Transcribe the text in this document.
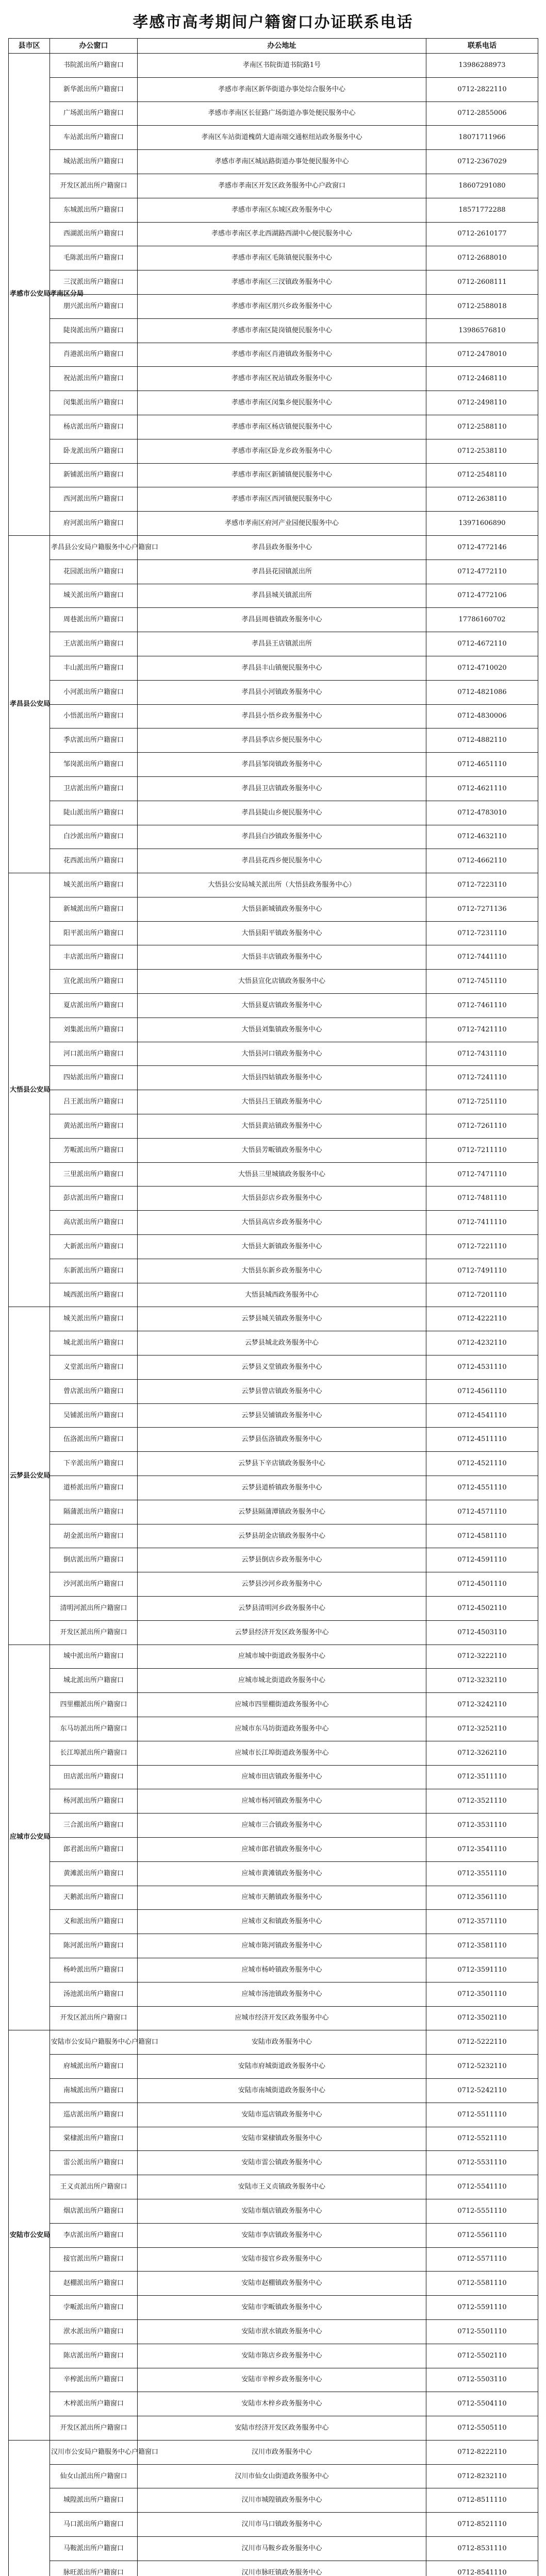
孝感市高考期间户籍窗口办证联系电话
县市区	办公窗口	办公地址	联系电话
孝感市公安局孝南区分局	书院派出所户籍窗口	孝南区书院街道书院路1号	13986288973
	新华派出所户籍窗口	孝感市孝南区新华街道办事处综合服务中心	0712-2822110
	广场派出所户籍窗口	孝感市孝南区长征路广场街道办事处便民服务中心	0712-2855006
	车站派出所户籍窗口	孝南区车站街道槐荫大道南端交通枢纽站政务服务中心	18071711966
	城站派出所户籍窗口	孝感市孝南区城站路街道办事处便民服务中心	0712-2367029
	开发区派出所户籍窗口	孝感市孝南区开发区政务服务中心户政窗口	18607291080
	东城派出所户籍窗口	孝感市孝南区东城区政务服务中心	18571772288
	西湖派出所户籍窗口	孝感市孝南区孝北西湖路西湖中心便民服务中心	0712-2610177
	毛陈派出所户籍窗口	孝感市孝南区毛陈镇便民服务中心	0712-2688010
	三汊派出所户籍窗口	孝感市孝南区三汊镇政务服务中心	0712-2608111
	朋兴派出所户籍窗口	孝感市孝南区朋兴乡政务服务中心	0712-2588018
	陡岗派出所户籍窗口	孝感市孝南区陡岗镇便民服务中心	13986576810
	肖港派出所户籍窗口	孝感市孝南区肖港镇政务服务中心	0712-2478010
	祝站派出所户籍窗口	孝感市孝南区祝站镇政务服务中心	0712-2468110
	闵集派出所户籍窗口	孝感市孝南区闵集乡便民服务中心	0712-2498110
	杨店派出所户籍窗口	孝感市孝南区杨店镇便民服务中心	0712-2588110
	卧龙派出所户籍窗口	孝感市孝南区卧龙乡政务服务中心	0712-2538110
	新铺派出所户籍窗口	孝感市孝南区新铺镇便民服务中心	0712-2548110
	西河派出所户籍窗口	孝感市孝南区西河镇便民服务中心	0712-2638110
	府河派出所户籍窗口	孝感市孝南区府河产业园便民服务中心	13971606890
孝昌县公安局	孝昌县公安局户籍服务中心户籍窗口	孝昌县政务服务中心	0712-4772146
	花园派出所户籍窗口	孝昌县花园镇派出所	0712-4772110
	城关派出所户籍窗口	孝昌县城关镇派出所	0712-4772106
	周巷派出所户籍窗口	孝昌县周巷镇政务服务中心	17786160702
	王店派出所户籍窗口	孝昌县王店镇派出所	0712-4672110
	丰山派出所户籍窗口	孝昌县丰山镇便民服务中心	0712-4710020
	小河派出所户籍窗口	孝昌县小河镇政务服务中心	0712-4821086
	小悟派出所户籍窗口	孝昌县小悟乡政务服务中心	0712-4830006
	季店派出所户籍窗口	孝昌县季店乡便民服务中心	0712-4882110
	邹岗派出所户籍窗口	孝昌县邹岗镇政务服务中心	0712-4651110
	卫店派出所户籍窗口	孝昌县卫店镇政务服务中心	0712-4621110
	陡山派出所户籍窗口	孝昌县陡山乡便民服务中心	0712-4783010
	白沙派出所户籍窗口	孝昌县白沙镇政务服务中心	0712-4632110
	花西派出所户籍窗口	孝昌县花西乡便民服务中心	0712-4662110
大悟县公安局	城关派出所户籍窗口	大悟县公安局城关派出所（大悟县政务服务中心）	0712-7223110
	新城派出所户籍窗口	大悟县新城镇政务服务中心	0712-7271136
	阳平派出所户籍窗口	大悟县阳平镇政务服务中心	0712-7231110
	丰店派出所户籍窗口	大悟县丰店镇政务服务中心	0712-7441110
	宣化派出所户籍窗口	大悟县宣化店镇政务服务中心	0712-7451110
	夏店派出所户籍窗口	大悟县夏店镇政务服务中心	0712-7461110
	刘集派出所户籍窗口	大悟县刘集镇政务服务中心	0712-7421110
	河口派出所户籍窗口	大悟县河口镇政务服务中心	0712-7431110
	四姑派出所户籍窗口	大悟县四姑镇政务服务中心	0712-7241110
	吕王派出所户籍窗口	大悟县吕王镇政务服务中心	0712-7251110
	黄站派出所户籍窗口	大悟县黄站镇政务服务中心	0712-7261110
	芳畈派出所户籍窗口	大悟县芳畈镇政务服务中心	0712-7211110
	三里派出所户籍窗口	大悟县三里城镇政务服务中心	0712-7471110
	彭店派出所户籍窗口	大悟县彭店乡政务服务中心	0712-7481110
	高店派出所户籍窗口	大悟县高店乡政务服务中心	0712-7411110
	大新派出所户籍窗口	大悟县大新镇政务服务中心	0712-7221110
	东新派出所户籍窗口	大悟县东新乡政务服务中心	0712-7491110
	城西派出所户籍窗口	大悟县城西政务服务中心	0712-7201110
云梦县公安局	城关派出所户籍窗口	云梦县城关镇政务服务中心	0712-4222110
	城北派出所户籍窗口	云梦县城北政务服务中心	0712-4232110
	义堂派出所户籍窗口	云梦县义堂镇政务服务中心	0712-4531110
	曾店派出所户籍窗口	云梦县曾店镇政务服务中心	0712-4561110
	吴铺派出所户籍窗口	云梦县吴铺镇政务服务中心	0712-4541110
	伍洛派出所户籍窗口	云梦县伍洛镇政务服务中心	0712-4511110
	下辛派出所户籍窗口	云梦县下辛店镇政务服务中心	0712-4521110
	道桥派出所户籍窗口	云梦县道桥镇政务服务中心	0712-4551110
	隔蒲派出所户籍窗口	云梦县隔蒲潭镇政务服务中心	0712-4571110
	胡金派出所户籍窗口	云梦县胡金店镇政务服务中心	0712-4581110
	倒店派出所户籍窗口	云梦县倒店乡政务服务中心	0712-4591110
	沙河派出所户籍窗口	云梦县沙河乡政务服务中心	0712-4501110
	清明河派出所户籍窗口	云梦县清明河乡政务服务中心	0712-4502110
	开发区派出所户籍窗口	云梦县经济开发区政务服务中心	0712-4503110
应城市公安局	城中派出所户籍窗口	应城市城中街道政务服务中心	0712-3222110
	城北派出所户籍窗口	应城市城北街道政务服务中心	0712-3232110
	四里棚派出所户籍窗口	应城市四里棚街道政务服务中心	0712-3242110
	东马坊派出所户籍窗口	应城市东马坊街道政务服务中心	0712-3252110
	长江埠派出所户籍窗口	应城市长江埠街道政务服务中心	0712-3262110
	田店派出所户籍窗口	应城市田店镇政务服务中心	0712-3511110
	杨河派出所户籍窗口	应城市杨河镇政务服务中心	0712-3521110
	三合派出所户籍窗口	应城市三合镇政务服务中心	0712-3531110
	郎君派出所户籍窗口	应城市郎君镇政务服务中心	0712-3541110
	黄滩派出所户籍窗口	应城市黄滩镇政务服务中心	0712-3551110
	天鹅派出所户籍窗口	应城市天鹅镇政务服务中心	0712-3561110
	义和派出所户籍窗口	应城市义和镇政务服务中心	0712-3571110
	陈河派出所户籍窗口	应城市陈河镇政务服务中心	0712-3581110
	杨岭派出所户籍窗口	应城市杨岭镇政务服务中心	0712-3591110
	汤池派出所户籍窗口	应城市汤池镇政务服务中心	0712-3501110
	开发区派出所户籍窗口	应城市经济开发区政务服务中心	0712-3502110
安陆市公安局	安陆市公安局户籍服务中心户籍窗口	安陆市政务服务中心	0712-5222110
	府城派出所户籍窗口	安陆市府城街道政务服务中心	0712-5232110
	南城派出所户籍窗口	安陆市南城街道政务服务中心	0712-5242110
	巡店派出所户籍窗口	安陆市巡店镇政务服务中心	0712-5511110
	棠棣派出所户籍窗口	安陆市棠棣镇政务服务中心	0712-5521110
	雷公派出所户籍窗口	安陆市雷公镇政务服务中心	0712-5531110
	王义贞派出所户籍窗口	安陆市王义贞镇政务服务中心	0712-5541110
	烟店派出所户籍窗口	安陆市烟店镇政务服务中心	0712-5551110
	李店派出所户籍窗口	安陆市李店镇政务服务中心	0712-5561110
	接官派出所户籍窗口	安陆市接官乡政务服务中心	0712-5571110
	赵棚派出所户籍窗口	安陆市赵棚镇政务服务中心	0712-5581110
	孛畈派出所户籍窗口	安陆市孛畈镇政务服务中心	0712-5591110
	洑水派出所户籍窗口	安陆市洑水镇政务服务中心	0712-5501110
	陈店派出所户籍窗口	安陆市陈店乡政务服务中心	0712-5502110
	辛榨派出所户籍窗口	安陆市辛榨乡政务服务中心	0712-5503110
	木梓派出所户籍窗口	安陆市木梓乡政务服务中心	0712-5504110
	开发区派出所户籍窗口	安陆市经济开发区政务服务中心	0712-5505110
	汉川市公安局户籍服务中心户籍窗口	汉川市政务服务中心	0712-8222110
	仙女山派出所户籍窗口	汉川市仙女山街道政务服务中心	0712-8232110
	城隍派出所户籍窗口	汉川市城隍镇政务服务中心	0712-8511110
	马口派出所户籍窗口	汉川市马口镇政务服务中心	0712-8521110
	马鞍派出所户籍窗口	汉川市马鞍乡政务服务中心	0712-8531110
	脉旺派出所户籍窗口	汉川市脉旺镇政务服务中心	0712-8541110
